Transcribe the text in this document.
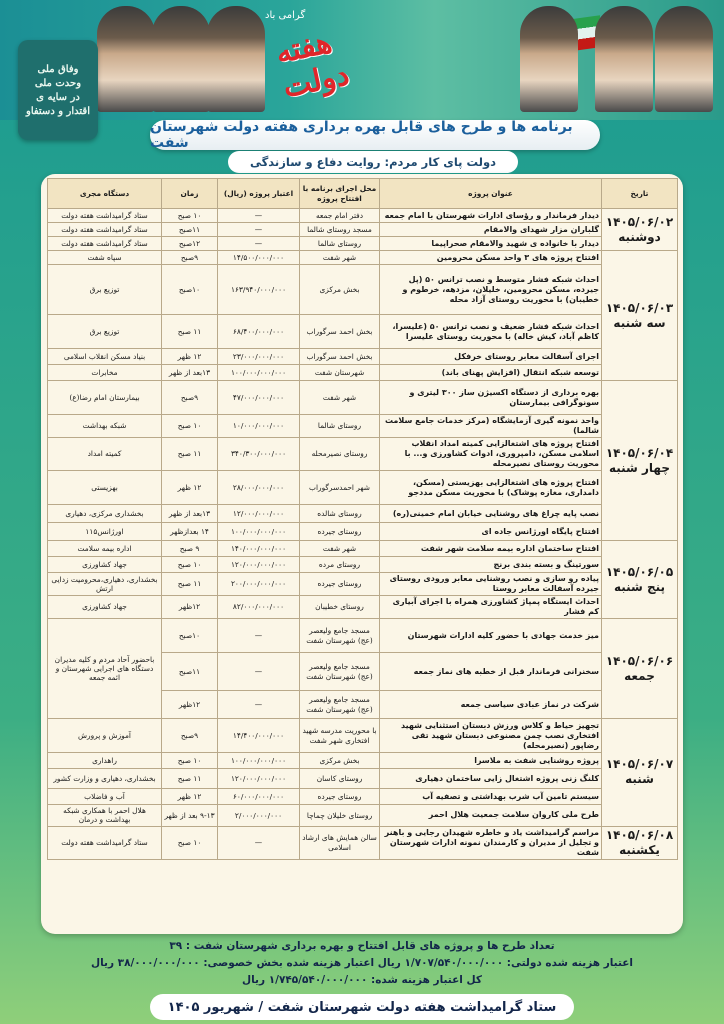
گرامی باد
هفته دولت
وفاق ملی
وحدت ملی
در سایه ی
اقتدار و دستفاو
برنامه ها و طرح های قابل بهره برداری هفته دولت شهرستان شفت
دولت پای کار مردم: روایت دفاع و سازندگی
تاریخ	عنوان پروژه	محل اجرای برنامه با افتتاح پروژه	اعتبار پروژه (ریال)	زمان	دستگاه مجری

۱۴۰۵/۰۶/۰۲
دوشنبه	دیدار فرماندار و رؤسای ادارات شهرستان با امام جمعه	دفتر امام جمعه	—	۱۰ صبح	ستاد گرامیداشت هفته دولت
	گلباران مزار شهدای والامقام	مسجد روستای شالما	—	۱۱صبح	ستاد گرامیداشت هفته دولت
	دیدار با خانواده ی شهید والامقام صحراپیما	روستای شالما	—	۱۲صبح	ستاد گرامیداشت هفته دولت

۱۴۰۵/۰۶/۰۳
سه شنبه	افتتاح پروژه های ۳ واحد مسکن محرومین	شهر شفت	۱۴/۵۰۰/۰۰۰/۰۰۰	۹صبح	سپاه شفت
	احداث شبکه فشار متوسط و نصب ترانس ۵۰ (پل جیرده، مسکن محرومین، خلیلان، مزدهه، خرطوم و خطیبان) با محوریت روستای آزاد محله	بخش مرکزی	۱۶۳/۹۴۰/۰۰۰/۰۰۰	۱۰صبح	توزیع برق
	احداث شبکه فشار ضعیف و نصب ترانس ۵۰ (علیسرا، کاظم آباد، کیش خاله) با محوریت روستای علیسرا	بخش احمد سرگوراب	۶۸/۴۰۰/۰۰۰/۰۰۰	۱۱ صبح	توزیع برق
	اجرای آسفالت معابر روستای خرفکل	بخش احمد سرگوراب	۲۳/۰۰۰/۰۰۰/۰۰۰	۱۲ ظهر	بنیاد مسکن انقلاب اسلامی
	توسعه شبکه انتقال (افزایش پهنای باند)	شهرستان شفت	۱۰۰/۰۰۰/۰۰۰/۰۰۰	۱۳بعد از ظهر	مخابرات

۱۴۰۵/۰۶/۰۴
چهار شنبه	بهره برداری از دستگاه اکسیژن ساز ۳۰۰ لیتری و سونوگرافی بیمارستان	شهر شفت	۴۷/۰۰۰/۰۰۰/۰۰۰	۹صبح	بیمارستان امام رضا(ع)
	واحد نمونه گیری آزمایشگاه (مرکز خدمات جامع سلامت شالما)	روستای شالما	۱۰/۰۰۰/۰۰۰/۰۰۰	۱۰ صبح	شبکه بهداشت
	افتتاح پروژه های اشتغالزایی کمیته امداد انقلاب اسلامی مسکن، دامپروری، ادوات کشاورزی و... با محوریت روستای نصیرمحله	روستای نصیرمحله	۳۴۰/۳۰۰/۰۰۰/۰۰۰	۱۱ صبح	کمیته امداد
	افتتاح پروژه های اشتغالزایی بهزیستی (مسکن، دامداری، مغازه پوشاک) با محوریت مسکن مددجو	شهر احمدسرگوراب	۲۸/۰۰۰/۰۰۰/۰۰۰	۱۲ ظهر	بهزیستی
	نصب پایه چراغ های روشنایی خیابان امام خمینی(ره)	روستای شالده	۱۲/۰۰۰/۰۰۰/۰۰۰	۱۳بعد از ظهر	بخشداری مرکزی، دهیاری
	افتتاح پایگاه اورژانس جاده ای	روستای جیرده	۱۰۰/۰۰۰/۰۰۰/۰۰۰	۱۴ بعدازظهر	اورژانس۱۱۵

۱۴۰۵/۰۶/۰۵
پنج شنبه	افتتاح ساختمان اداره بیمه سلامت شهر شفت	شهر شفت	۱۴۰/۰۰۰/۰۰۰/۰۰۰	۹ صبح	اداره بیمه سلامت
	سورتینگ و بسته بندی برنج	روستای مرده	۱۲۰/۰۰۰/۰۰۰/۰۰۰	۱۰ صبح	جهاد کشاورزی
	پیاده رو سازی و نصب روشنایی معابر ورودی روستای جیرده آسفالت معابر روستا	روستای جیرده	۲۰۰/۰۰۰/۰۰۰/۰۰۰	۱۱ صبح	بخشداری، دهیاری،محرومیت زدایی ارتش
	احداث ایستگاه پمپاژ کشاورزی همراه با اجرای آبیاری کم فشار	روستای خطیبان	۸۲/۰۰۰/۰۰۰/۰۰۰	۱۲ظهر	جهاد کشاورزی

۱۴۰۵/۰۶/۰۶
جمعه	میز خدمت جهادی با حضور کلیه ادارات شهرستان	مسجد جامع ولیعصر (عج) شهرستان شفت	—	۱۰صبح	باحضور آحاد مردم و کلیه مدیران دستگاه های اجرایی شهرستان و ائمه جمعه
	سخنرانی فرماندار قبل از خطبه های نماز جمعه	مسجد جامع ولیعصر (عج) شهرستان شفت	—	۱۱صبح	
	شرکت در نماز عبادی سیاسی جمعه	مسجد جامع ولیعصر (عج) شهرستان شفت	—	۱۲ظهر	

۱۴۰۵/۰۶/۰۷
شنبه	تجهیز حیاط و کلاس ورزش دبستان استثنایی شهید افتخاری نصب چمن مصنوعی دبستان شهید تقی رضاپور (نصیرمحله)	با محوریت مدرسه شهید افتخاری شهر شفت	۱۴/۴۰۰/۰۰۰/۰۰۰	۹صبح	آموزش و پرورش
	پروژه روشنایی شفت به ملاسرا	بخش مرکزی	۱۰۰/۰۰۰/۰۰۰/۰۰۰	۱۰ صبح	راهداری
	کلنگ زنی پروژه اشتغال زایی ساختمان دهیاری	روستای کاسان	۱۲۰/۰۰۰/۰۰۰/۰۰۰	۱۱ صبح	بخشداری، دهیاری و وزارت کشور
	سیستم تامین آب شرب بهداشتی و تصفیه آب	روستای جیرده	۶۰/۰۰۰/۰۰۰/۰۰۰	۱۲ ظهر	آب و فاضلاب
	طرح ملی کاروان سلامت جمعیت هلال احمر	روستای خلیلان چماچا	۲/۰۰۰/۰۰۰/۰۰۰	۹-۱۳ بعد از ظهر	هلال احمر با همکاری شبکه بهداشت و درمان

۱۴۰۵/۰۶/۰۸
یکشنبه	مراسم گرامیداشت یاد و خاطره شهیدان رجایی و باهنر و تجلیل از مدیران و کارمندان نمونه ادارات شهرستان شفت	سالن همایش های ارشاد اسلامی	—	۱۰ صبح	ستاد گرامیداشت هفته دولت
تعداد طرح ها و پروژه های قابل افتتاح و بهره برداری شهرستان شفت : ۳۹
اعتبار هزینه شده دولتی: ۱/۷۰۷/۵۴۰/۰۰۰/۰۰۰ ریال اعتبار هزینه شده بخش خصوصی: ۳۸/۰۰۰/۰۰۰/۰۰۰ ریال
کل اعتبار هزینه شده: ۱/۷۴۵/۵۴۰/۰۰۰/۰۰۰ ریال
ستاد گرامیداشت هفته دولت شهرستان شفت / شهریور ۱۴۰۵
